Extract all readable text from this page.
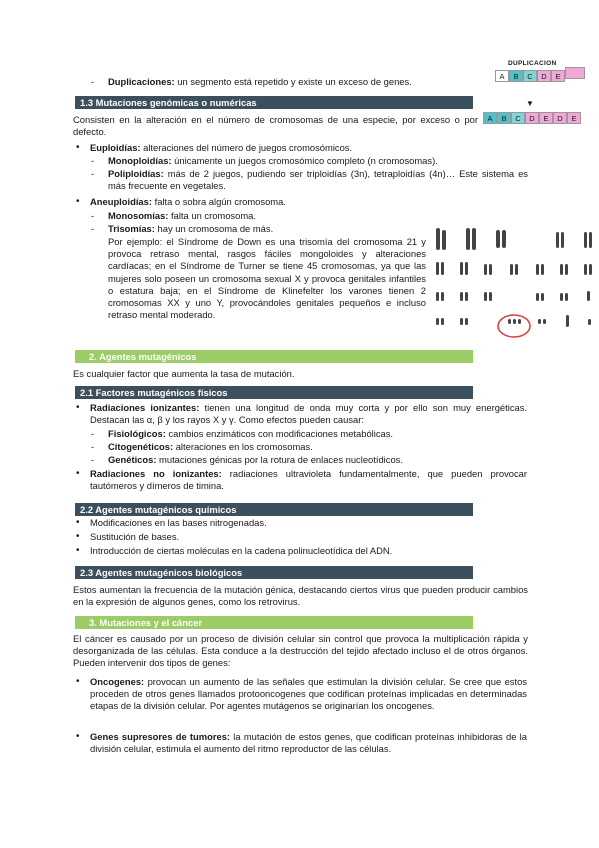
DUPLICACION
A B C D E
▼
A B C D E D E
- Duplicaciones: un segmento está repetido y existe un exceso de genes.
1.3 Mutaciones genómicas o numéricas
Consisten en la alteración en el número de cromosomas de una especie, por exceso o por defecto.
• Euploidías: alteraciones del número de juegos cromosómicos.
- Monoploidías: únicamente un juegos cromosómico completo (n cromosomas).
- Poliploidías: más de 2 juegos, pudiendo ser triploidías (3n), tetraploidías (4n)… Este sistema es más frecuente en vegetales.
• Aneuploidías: falta o sobra algún cromosoma.
- Monosomías: falta un cromosoma.
- Trisomías: hay un cromosoma de más.
Por ejemplo: el Síndrome de Down es una trisomía del cromosoma 21 y provoca retraso mental, rasgos fáciles mongoloides y alteraciones cardíacas; en el Síndrome de Turner se tiene 45 cromosomas, ya que las mujeres solo poseen un cromosoma sexual X y provoca genitales infantiles o estatura baja; en el Síndrome de Klinefelter los varones tienen 2 cromosomas XX y uno Y, provocándoles genitales pequeños e incluso retraso mental moderado.
2. Agentes mutagénicos
Es cualquier factor que aumenta la tasa de mutación.
2.1 Factores mutagénicos físicos
• Radiaciones ionizantes: tienen una longitud de onda muy corta y por ello son muy energéticas. Destacan las α, β y los rayos X y γ. Como efectos pueden causar:
- Fisiológicos: cambios enzimáticos con modificaciones metabólicas.
- Citogenéticos: alteraciones en los cromosomas.
- Genéticos: mutaciones génicas por la rotura de enlaces nucleotídicos.
• Radiaciones no ionizantes: radiaciones ultravioleta fundamentalmente, que pueden provocar tautómeros y dímeros de timina.
2.2 Agentes mutagénicos químicos
• Modificaciones en las bases nitrogenadas.
• Sustitución de bases.
• Introducción de ciertas moléculas en la cadena polinucleotídica del ADN.
2.3 Agentes mutagénicos biológicos
Estos aumentan la frecuencia de la mutación génica, destacando ciertos virus que pueden producir cambios en la expresión de algunos genes, como los retrovirus.
3. Mutaciones y el cáncer
El cáncer es causado por un proceso de división celular sin control que provoca la multiplicación rápida y desorganizada de las células. Esta conduce a la destrucción del tejido afectado incluso el de otros órganos. Pueden intervenir dos tipos de genes:
• Oncogenes: provocan un aumento de las señales que estimulan la división celular. Se cree que estos proceden de otros genes llamados protooncogenes que codifican proteínas implicadas en determinadas etapas de la división celular. Por agentes mutágenos se originarían los oncogenes.
• Genes supresores de tumores: la mutación de estos genes, que codifican proteínas inhibidoras de la división celular, estimula el aumento del ritmo reproductor de las células.
